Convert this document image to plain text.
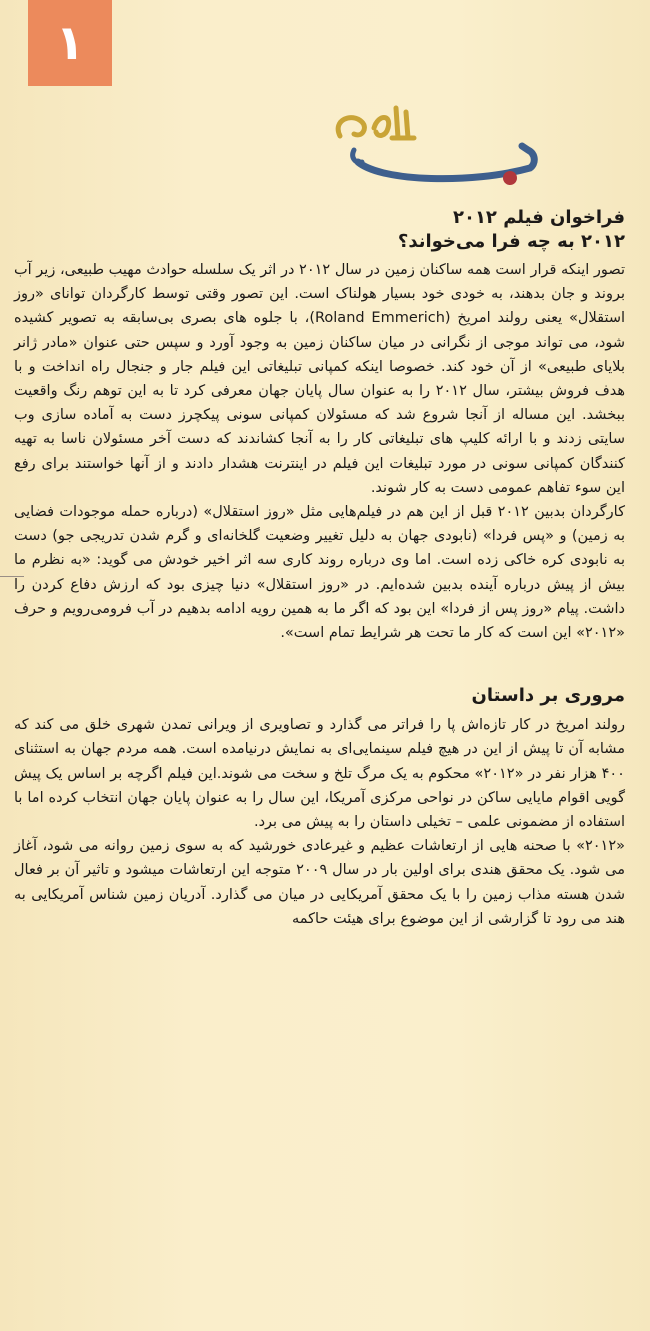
۱
فراخوان فیلم ۲۰۱۲
۲۰۱۲ به چه فرا می‌خواند؟

تصور اینکه قرار است همه ساکنان زمین در سال ۲۰۱۲ در اثر یک سلسله حوادث مهیب طبیعی، زیر آب بروند و جان بدهند، به خودی خود بسیار هولناک است. این تصور وقتی توسط کارگردان توانای «روز استقلال» یعنی رولند امریخ (Roland Emmerich)، با جلوه های بصری بی‌سابقه به تصویر کشیده شود، می تواند موجی از نگرانی در میان ساکنان زمین به وجود آورد و سپس حتی عنوان «مادر ژانر بلایای طبیعی» از آن خود کند. خصوصا اینکه کمپانی تبلیغاتی این فیلم جار و جنجال راه انداخت و با هدف فروش بیشتر، سال ۲۰۱۲ را به عنوان سال پایان جهان معرفی کرد تا به این توهم رنگ واقعیت ببخشد. این مساله از آنجا شروع شد که مسئولان کمپانی سونی پیکچرز دست به آماده سازی وب سایتی زدند و با ارائه کلیپ های تبلیغاتی کار را به آنجا کشاندند که دست آخر مسئولان ناسا به تهیه کنندگان کمپانی سونی در مورد تبلیغات این فیلم در اینترنت هشدار دادند و از آنها خواستند برای رفع این سوء تفاهم عمومی دست به کار شوند.

کارگردان بدبین ۲۰۱۲ قبل از این هم در فیلم‌هایی مثل «روز استقلال» (درباره حمله موجودات فضایی به زمین) و «پس فردا» (نابودی جهان به دلیل تغییر وضعیت گلخانه‌ای و گرم شدن تدریجی جو) دست به نابودی کره خاکی زده است. اما وی درباره روند کاری سه اثر اخیر خودش می گوید: «به نظرم ما بیش از پیش درباره آینده بدبین شده‌ایم. در «روز استقلال» دنیا چیزی بود که ارزش دفاع کردن را داشت. پیام «روز پس از فردا» این بود که اگر ما به همین رویه ادامه بدهیم در آب فرومی‌رویم و حرف «۲۰۱۲» این است که کار ما تحت هر شرایط تمام است».

مروری بر داستان

رولند امریخ در کار تازه‌اش پا را فراتر می گذارد و تصاویری از ویرانی تمدن شهری خلق می کند که مشابه آن تا پیش از این در هیچ فیلم سینمایی‌ای به نمایش درنیامده است. همه مردم جهان به استثنای ۴۰۰ هزار نفر در «۲۰۱۲» محکوم به یک مرگ تلخ و سخت می شوند.این فیلم اگرچه بر اساس یک پیش گویی اقوام مایایی ساکن در نواحی مرکزی آمریکا، این سال را به عنوان پایان جهان انتخاب کرده اما با استفاده از مضمونی علمی – تخیلی داستان را به پیش می برد.

«۲۰۱۲» با صحنه هایی از ارتعاشات عظیم و غیرعادی خورشید که به سوی زمین روانه می شود، آغاز می شود. یک محقق هندی برای اولین بار در سال ۲۰۰۹ متوجه این ارتعاشات میشود و تاثیر آن بر فعال شدن هسته مذاب زمین را با یک محقق آمریکایی در میان می گذارد. آدریان زمین شناس آمریکایی به هند می رود تا گزارشی از این موضوع برای هیئت حاکمه
